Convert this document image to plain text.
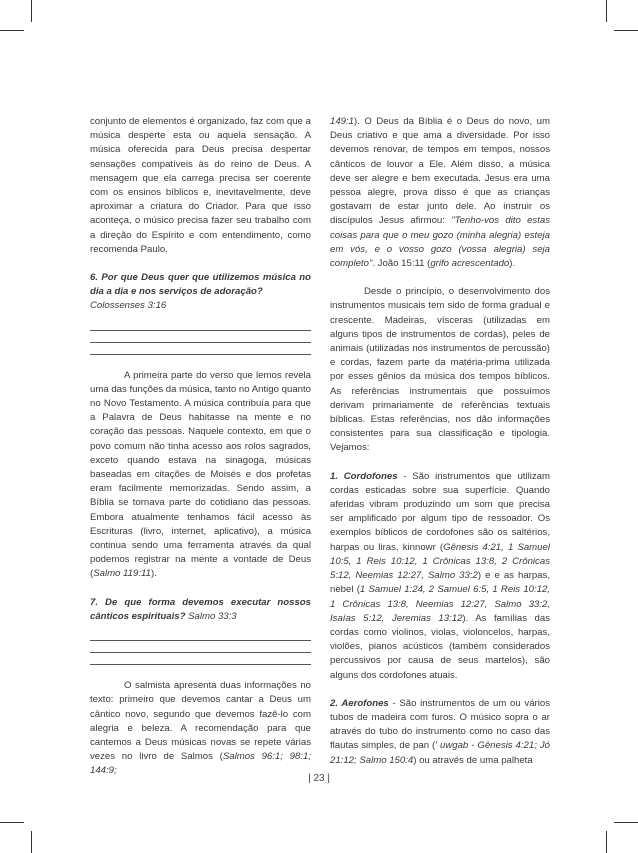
conjunto de elementos é organizado, faz com que a música desperte esta ou aquela sensação. A música oferecida para Deus precisa despertar sensações compatíveis às do reino de Deus. A mensagem que ela carrega precisa ser coerente com os ensinos bíblicos e, inevitavelmente, deve aproximar a criatura do Criador. Para que isso aconteça, o músico precisa fazer seu trabalho com a direção do Espírito e com entendimento, como recomenda Paulo.

6. Por que Deus quer que utilizemos música no dia a dia e nos serviços de adoração?

Colossenses 3:16

A primeira parte do verso que lemos revela uma das funções da música, tanto no Antigo quanto no Novo Testamento. A música contribuía para que a Palavra de Deus habitasse na mente e no coração das pessoas. Naquele contexto, em que o povo comum não tinha acesso aos rolos sagrados, exceto quando estava na sinagoga, músicas baseadas em citações de Moisés e dos profetas eram facilmente memorizadas. Sendo assim, a Bíblia se tornava parte do cotidiano das pessoas. Embora atualmente tenhamos fácil acesso às Escrituras (livro, internet, aplicativo), a música continua sendo uma ferramenta através da qual podemos registrar na mente a vontade de Deus (Salmo 119:11).

7. De que forma devemos executar nossos cânticos espirituais? Salmo 33:3

O salmista apresenta duas informações no texto: primeiro que devemos cantar a Deus um cântico novo, segundo que devemos fazê-lo com alegria e beleza. A recomendação para que cantemos a Deus músicas novas se repete várias vezes no livro de Salmos (Salmos 96:1; 98:1; 144:9;

149:1). O Deus da Bíblia é o Deus do novo, um Deus criativo e que ama a diversidade. Por isso devemos renovar, de tempos em tempos, nossos cânticos de louvor a Ele. Além disso, a música deve ser alegre e bem executada. Jesus era uma pessoa alegre, prova disso é que as crianças gostavam de estar junto dele. Ao instruir os discípulos Jesus afirmou: "Tenho-vos dito estas coisas para que o meu gozo (minha alegria) esteja em vós, e o vosso gozo (vossa alegria) seja completo". João 15:11 (grifo acrescentado).

Desde o princípio, o desenvolvimento dos instrumentos musicais tem sido de forma gradual e crescente. Madeiras, vísceras (utilizadas em alguns tipos de instrumentos de cordas), peles de animais (utilizadas nos instrumentos de percussão) e cordas, fazem parte da matéria-prima utilizada por esses gênios da música dos tempos bíblicos. As referências instrumentais que possuímos derivam primariamente de referências textuais bíblicas. Estas referências, nos dão informações consistentes para sua classificação e tipologia. Vejamos:

1. Cordofones - São instrumentos que utilizam cordas esticadas sobre sua superfície. Quando aferidas vibram produzindo um som que precisa ser amplificado por algum tipo de ressoador. Os exemplos bíblicos de cordofones são os saltérios, harpas ou liras, kinnowr (Gênesis 4:21, 1 Samuel 10:5, 1 Reis 10:12, 1 Crônicas 13:8, 2 Crônicas 5:12, Neemias 12:27, Salmo 33:2) e e as harpas, nebel (1 Samuel 1:24, 2 Samuel 6:5, 1 Reis 10:12, 1 Crônicas 13:8, Neemias 12:27, Salmo 33:2, Isaías 5:12, Jeremias 13:12). As famílias das cordas como violinos, violas, violoncelos, harpas, violões, pianos acústicos (também considerados percussivos por causa de seus martelos), são alguns dos cordofones atuais.

2. Aerofones - São instrumentos de um ou vários tubos de madeira com furos. O músico sopra o ar através do tubo do instrumento como no caso das flautas simples, de pan (' uwgab - Gênesis 4:21; Jó 21:12; Salmo 150:4) ou através de uma palheta

| 23 |
